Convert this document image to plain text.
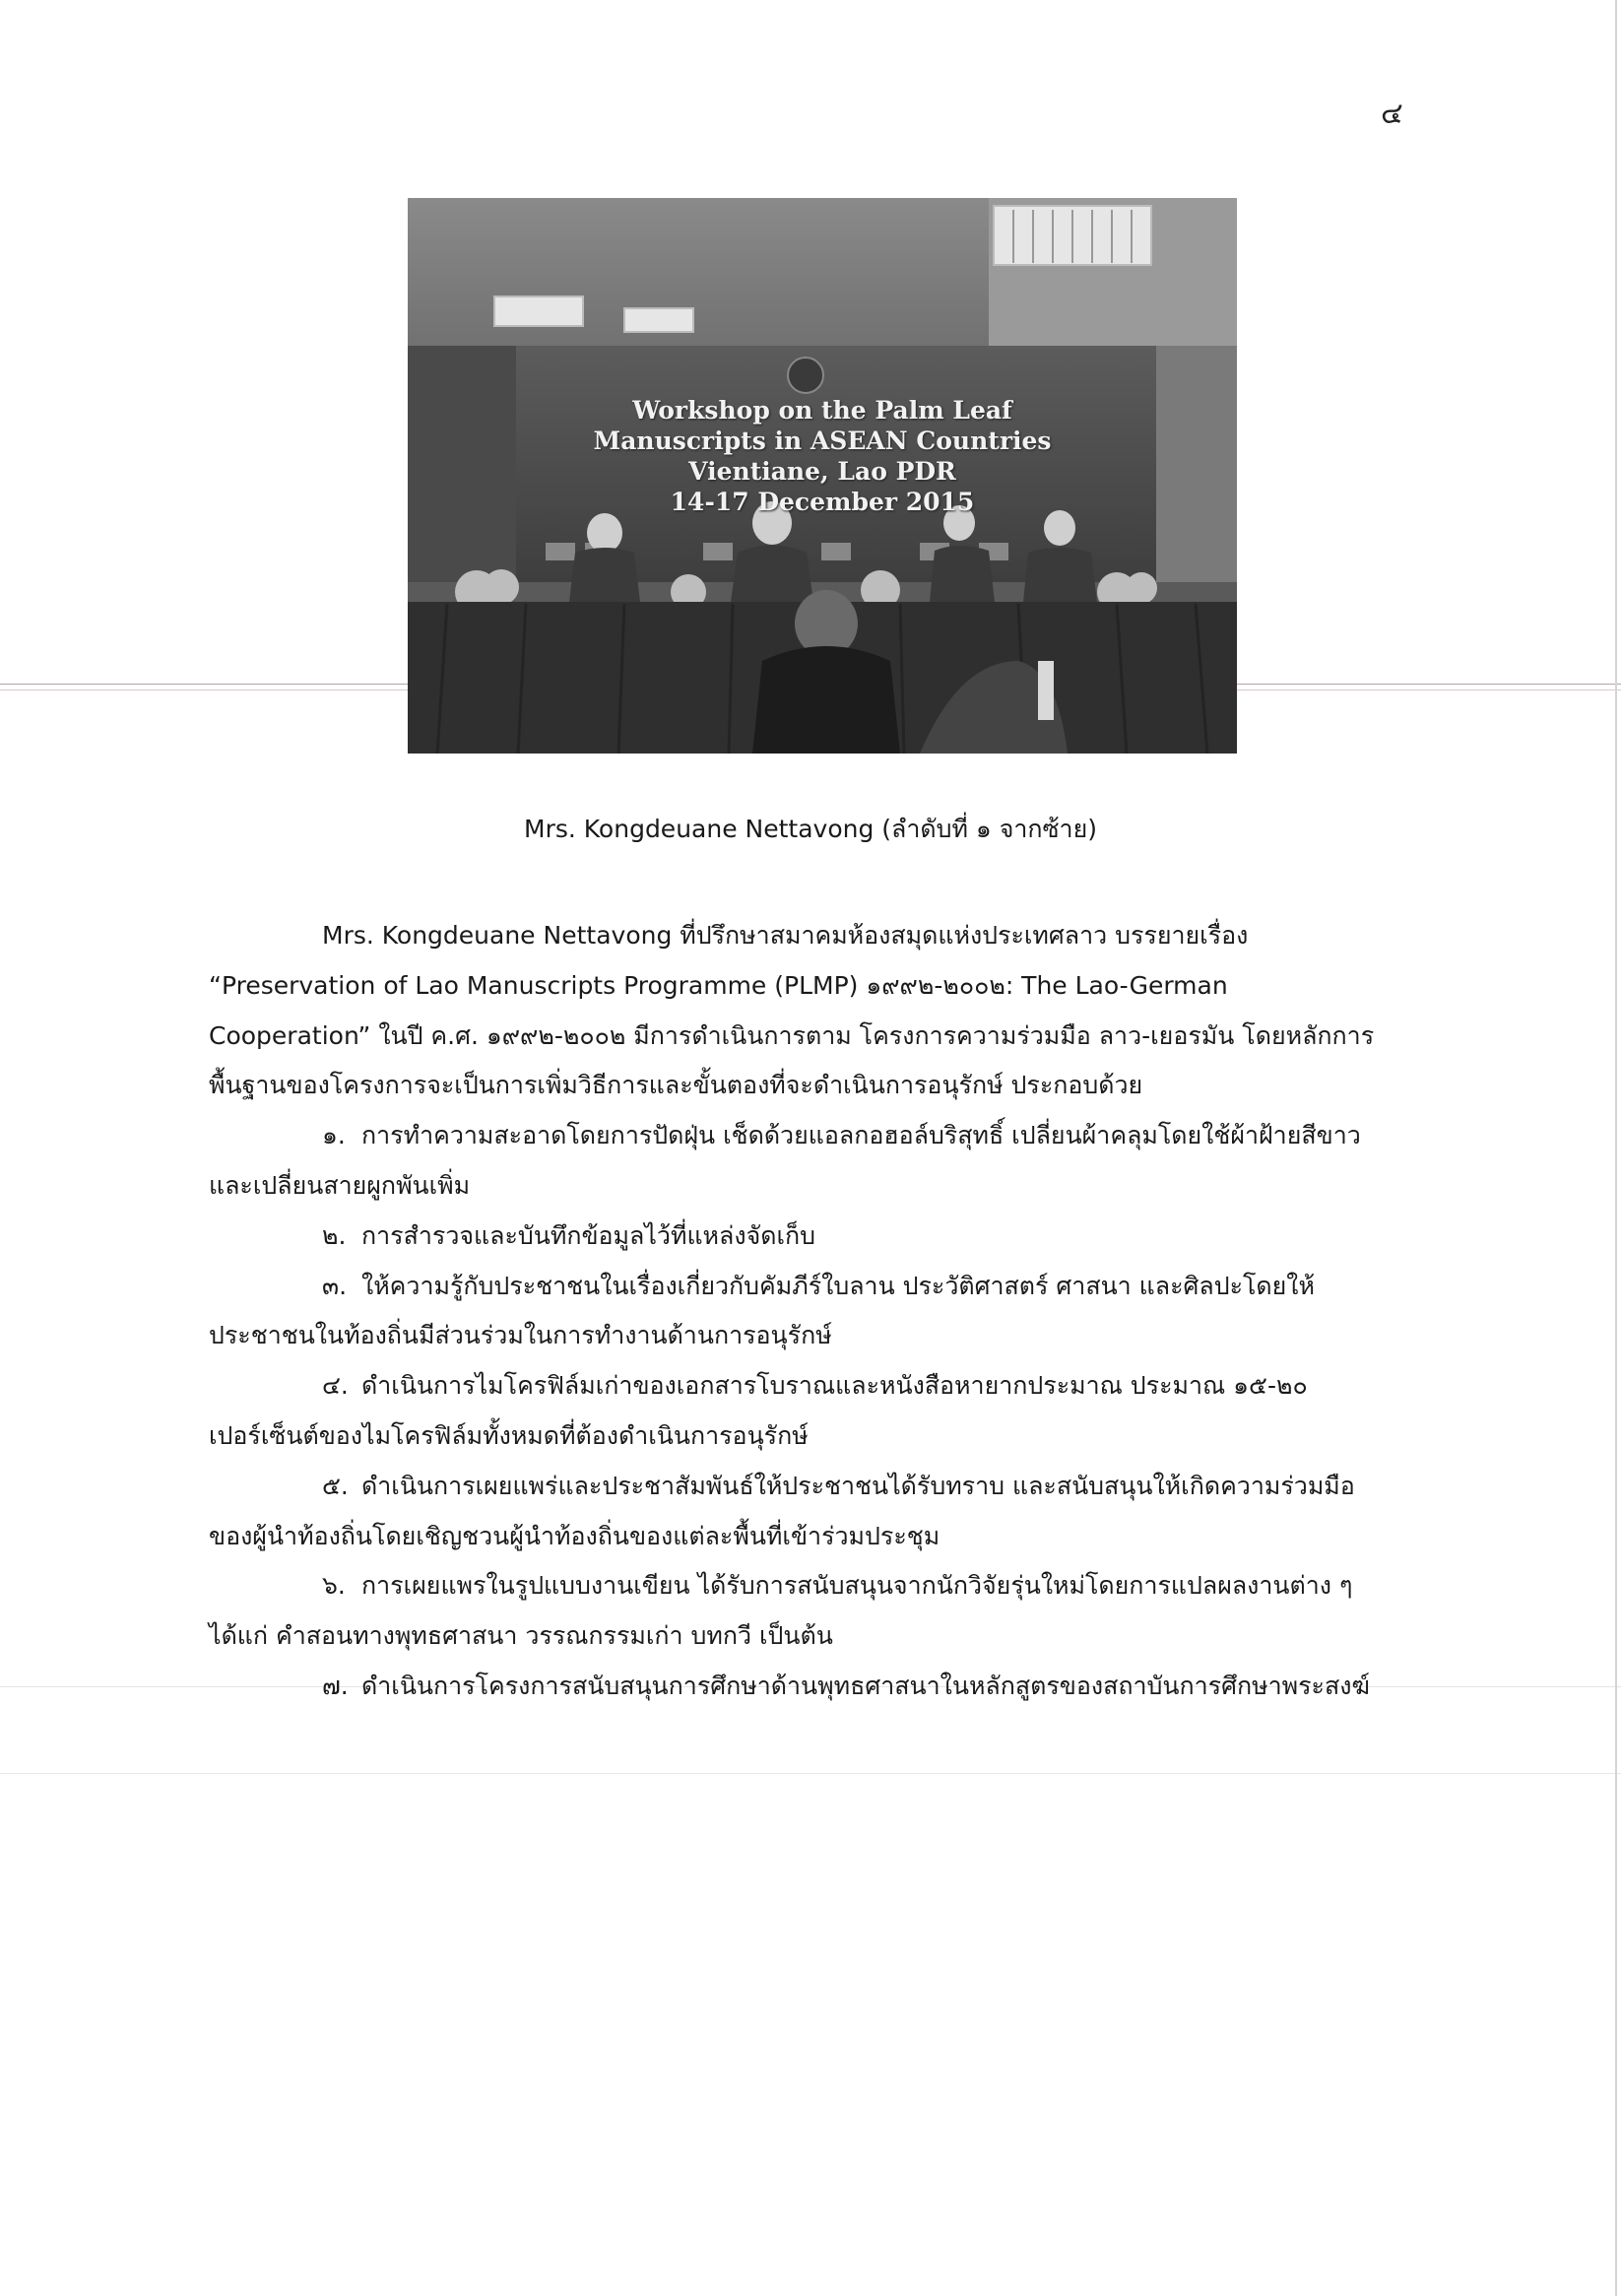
๔
Workshop on the Palm Leaf
Manuscripts in ASEAN Countries
Vientiane, Lao PDR
14-17 December 2015
Mrs. Kongdeuane Nettavong (ลำดับที่ ๑ จากซ้าย)

Mrs. Kongdeuane Nettavong ที่ปรึกษาสมาคมห้องสมุดแห่งประเทศลาว บรรยายเรื่อง “Preservation of Lao Manuscripts Programme (PLMP) ๑๙๙๒-๒๐๐๒: The Lao-German Cooperation” ในปี ค.ศ. ๑๙๙๒-๒๐๐๒ มีการดำเนินการตาม โครงการความร่วมมือ ลาว-เยอรมัน โดยหลักการพื้นฐานของโครงการจะเป็นการเพิ่มวิธีการและขั้นตองที่จะดำเนินการอนุรักษ์ ประกอบด้วย

๑. การทำความสะอาดโดยการปัดฝุ่น เช็ดด้วยแอลกอฮอล์บริสุทธิ์ เปลี่ยนผ้าคลุมโดยใช้ผ้าฝ้ายสีขาวและเปลี่ยนสายผูกพันเพิ่ม

๒. การสำรวจและบันทึกข้อมูลไว้ที่แหล่งจัดเก็บ

๓. ให้ความรู้กับประชาชนในเรื่องเกี่ยวกับคัมภีร์ใบลาน ประวัติศาสตร์ ศาสนา และศิลปะโดยให้ประชาชนในท้องถิ่นมีส่วนร่วมในการทำงานด้านการอนุรักษ์

๔. ดำเนินการไมโครฟิล์มเก่าของเอกสารโบราณและหนังสือหายากประมาณ ประมาณ ๑๕-๒๐ เปอร์เซ็นต์ของไมโครฟิล์มทั้งหมดที่ต้องดำเนินการอนุรักษ์

๕. ดำเนินการเผยแพร่และประชาสัมพันธ์ให้ประชาชนได้รับทราบ และสนับสนุนให้เกิดความร่วมมือของผู้นำท้องถิ่นโดยเชิญชวนผู้นำท้องถิ่นของแต่ละพื้นที่เข้าร่วมประชุม

๖. การเผยแพรในรูปแบบงานเขียน ได้รับการสนับสนุนจากนักวิจัยรุ่นใหม่โดยการแปลผลงานต่าง ๆ ได้แก่ คำสอนทางพุทธศาสนา วรรณกรรมเก่า บทกวี เป็นต้น

๗. ดำเนินการโครงการสนับสนุนการศึกษาด้านพุทธศาสนาในหลักสูตรของสถาบันการศึกษาพระสงฆ์
